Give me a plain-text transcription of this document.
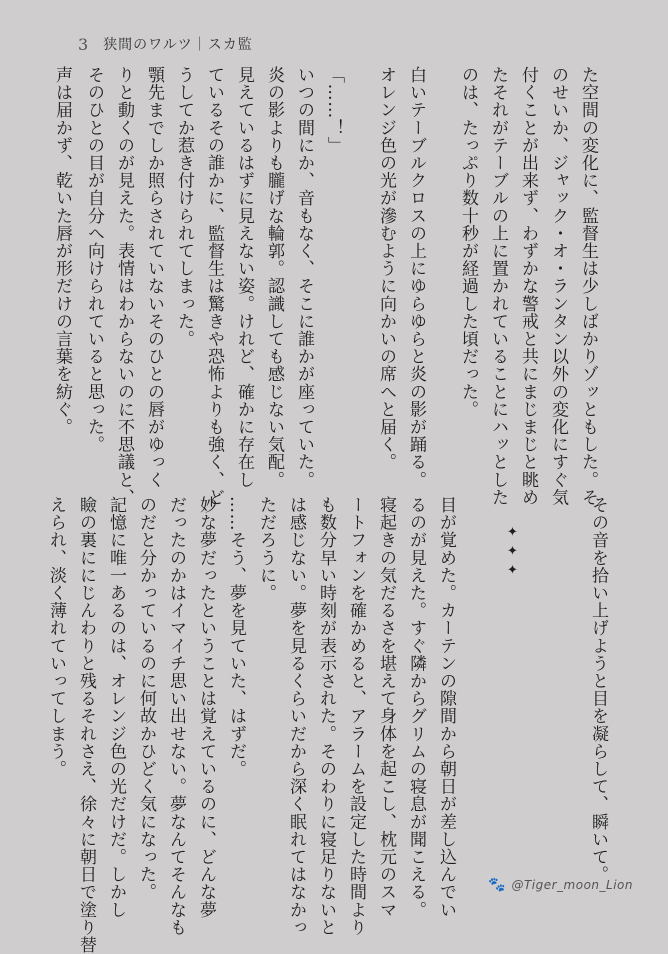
3 狭間のワルツ｜スカ監
た空間の変化に、監督生は少しばかりゾッともした。そ
のせいか、ジャック・オ・ランタン以外の変化にすぐ気
付くことが出来ず、わずかな警戒と共にまじまじと眺め
たそれがテーブルの上に置かれていることにハッとした
のは、たっぷり数十秒が経過した頃だった。
白いテーブルクロスの上にゆらゆらと炎の影が踊る。
オレンジ色の光が滲むように向かいの席へと届く。
「……！」
いつの間にか、音もなく、そこに誰かが座っていた。
炎の影よりも朧げな輪郭。認識しても感じない気配。
見えているはずに見えない姿。けれど、確かに存在し
ているその誰かに、監督生は驚きや恐怖よりも強く、ど
うしてか惹き付けられてしまった。
顎先までしか照らされていないそのひとの唇がゆっく
りと動くのが見えた。表情はわからないのに不思議と、
そのひとの目が自分へ向けられていると思った。
声は届かず、乾いた唇が形だけの言葉を紡ぐ。
その音を拾い上げようと目を凝らして、瞬いて。
✦✦✦
目が覚めた。カーテンの隙間から朝日が差し込んでい
るのが見えた。すぐ隣からグリムの寝息が聞こえる。
寝起きの気だるさを堪えて身体を起こし、枕元のスマ
ートフォンを確かめると、アラームを設定した時間より
も数分早い時刻が表示された。そのわりに寝足りないと
は感じない。夢を見るくらいだから深く眠れてはなかっ
ただろうに。
……そう、夢を見ていた、はずだ。
妙な夢だったということは覚えているのに、どんな夢
だったのかはイマイチ思い出せない。夢なんてそんなも
のだと分かっているのに何故かひどく気になった。
記憶に唯一あるのは、オレンジ色の光だけだ。しかし
瞼の裏ににじんわりと残るそれさえ、徐々に朝日で塗り替
えられ、淡く薄れていってしまう。
🐾 @Tiger_moon_Lion
